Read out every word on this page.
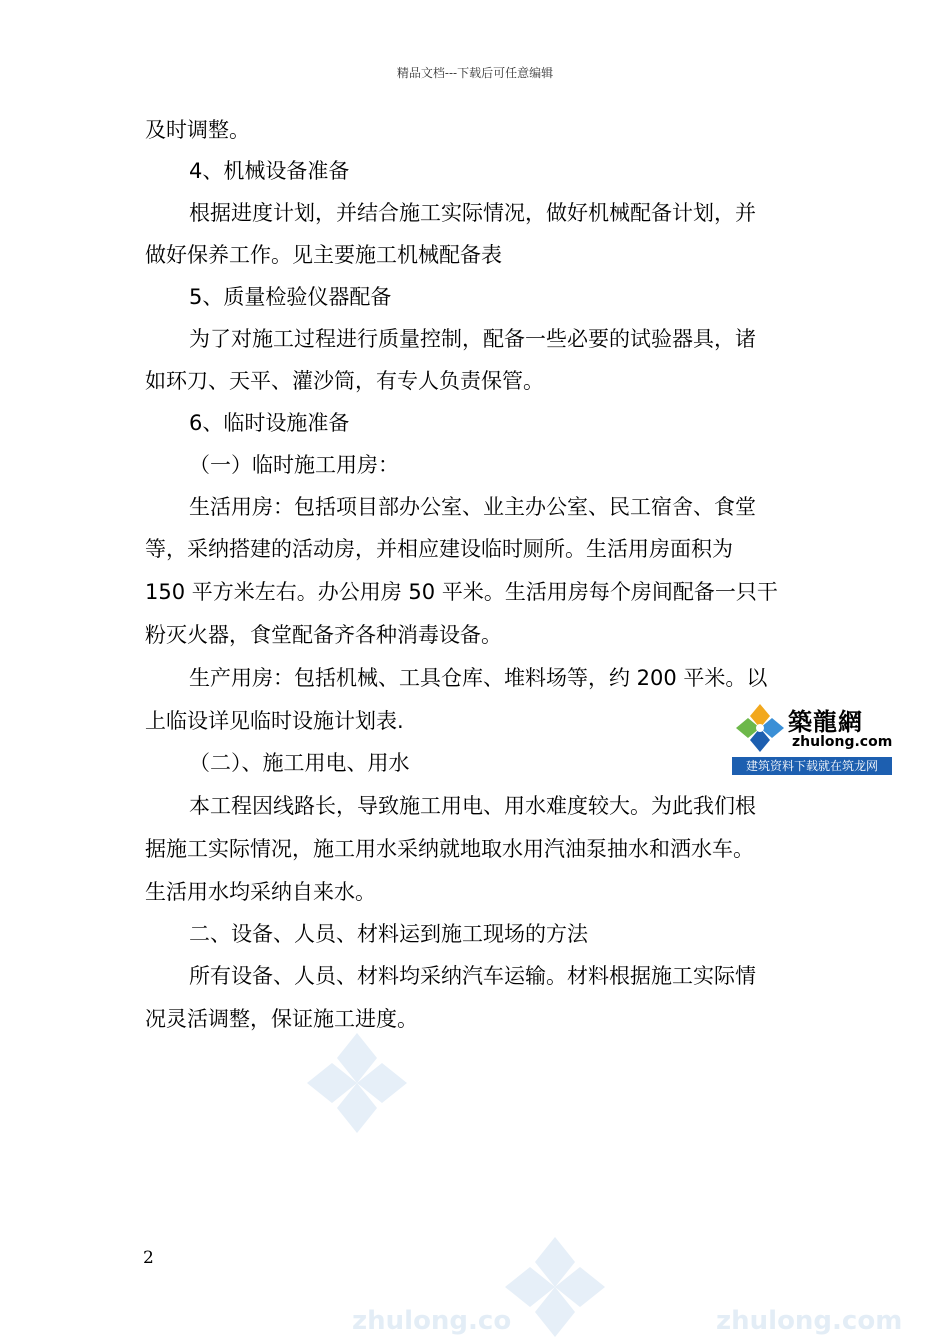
精品文档---下载后可任意编辑
及时调整。
4、机械设备准备
根据进度计划，并结合施工实际情况，做好机械配备计划，并
做好保养工作。见主要施工机械配备表
5、质量检验仪器配备
为了对施工过程进行质量控制，配备一些必要的试验器具，诸
如环刀、天平、灌沙筒，有专人负责保管。
6、临时设施准备
（一）临时施工用房：
生活用房：包括项目部办公室、业主办公室、民工宿舍、食堂
等，采纳搭建的活动房，并相应建设临时厕所。生活用房面积为
150 平方米左右。办公用房 50 平米。生活用房每个房间配备一只干
粉灭火器，食堂配备齐各种消毒设备。
生产用房：包括机械、工具仓库、堆料场等，约 200 平米。以
上临设详见临时设施计划表.
（二）、施工用电、用水
本工程因线路长，导致施工用电、用水难度较大。为此我们根
据施工实际情况，施工用水采纳就地取水用汽油泵抽水和洒水车。
生活用水均采纳自来水。
二、设备、人员、材料运到施工现场的方法
所有设备、人员、材料均采纳汽车运输。材料根据施工实际情
况灵活调整，保证施工进度。
zhulong.co	zhulong.com
2
築龍網
zhulong.com
建筑资料下载就在筑龙网
